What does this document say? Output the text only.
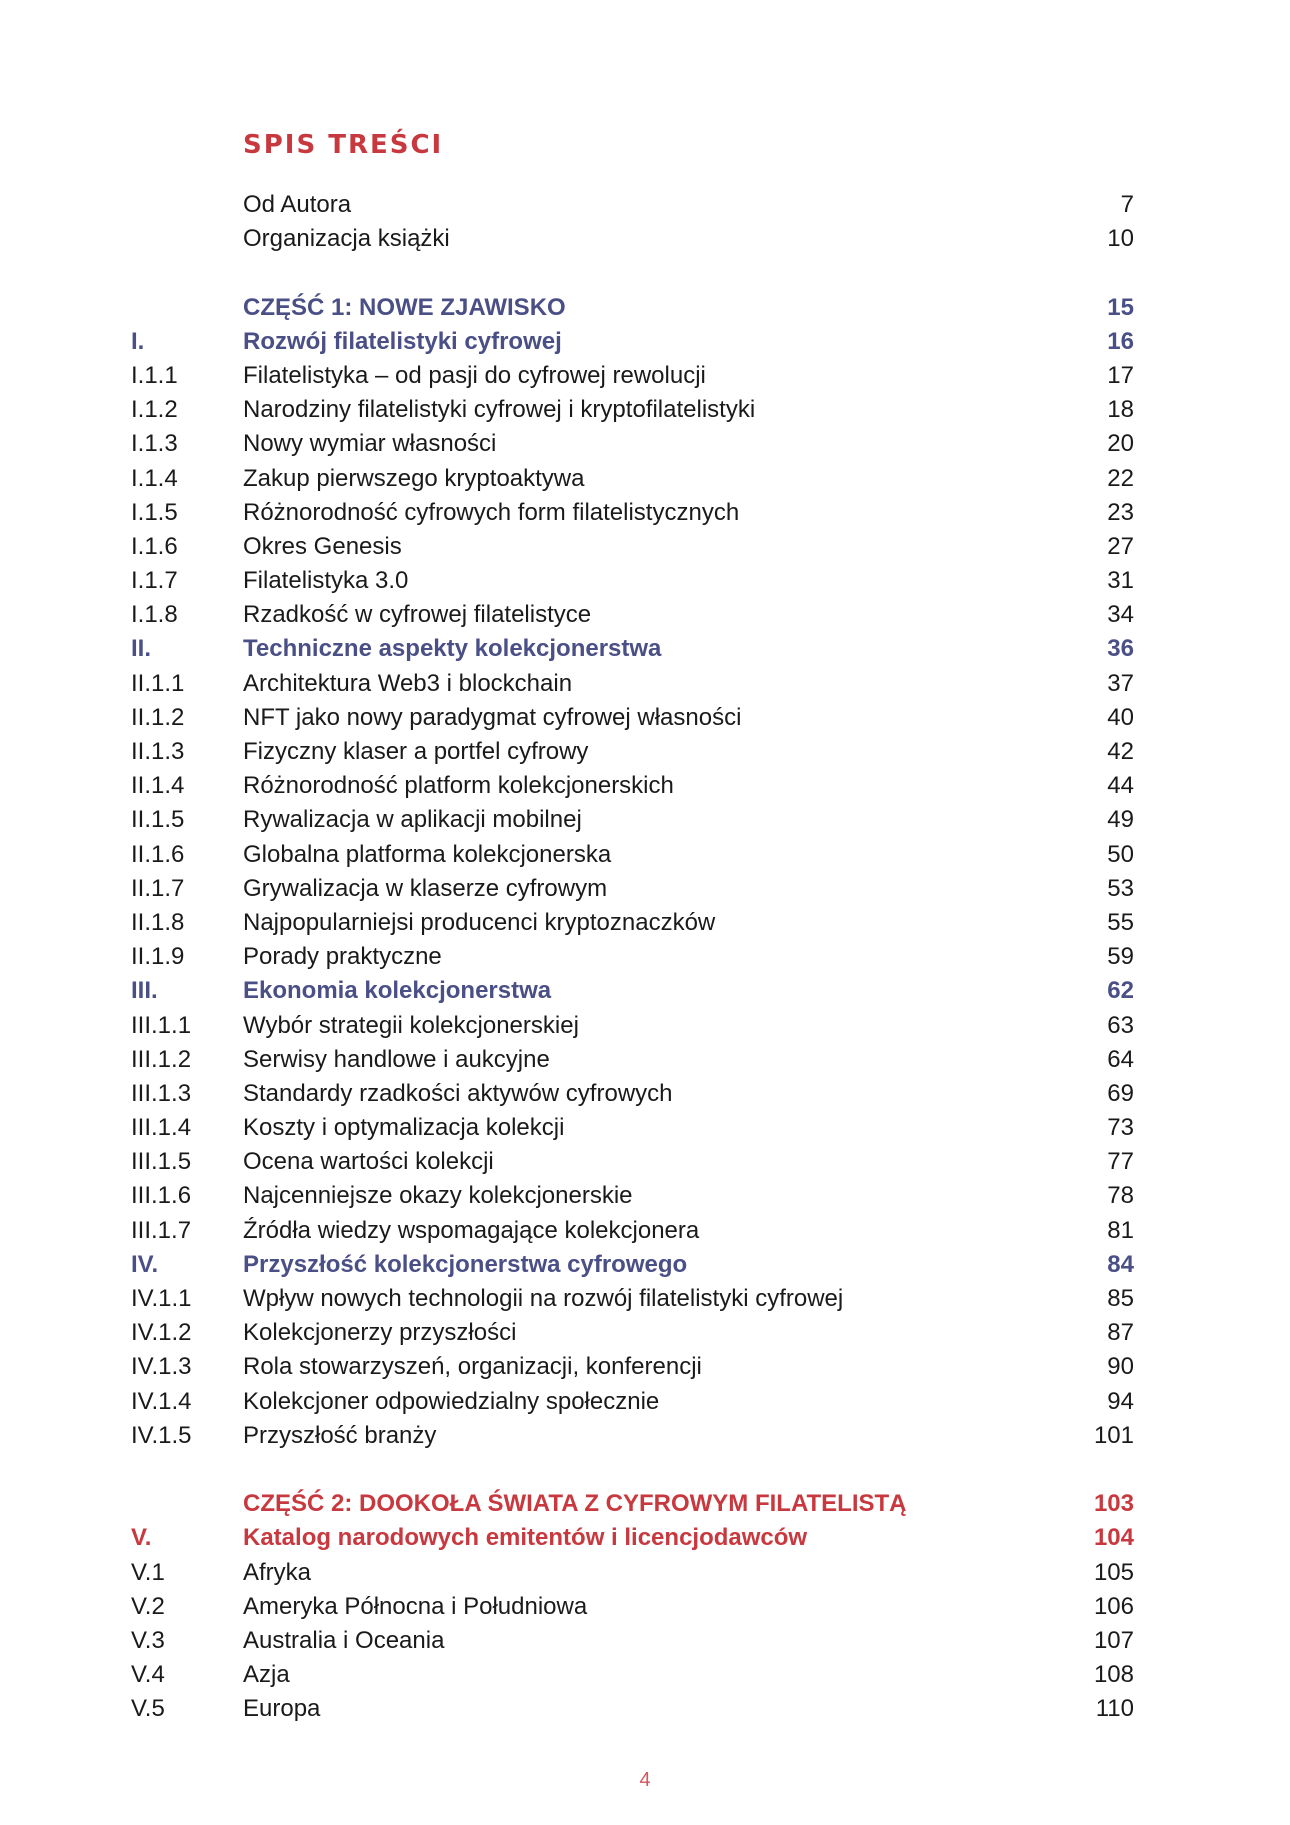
SPIS TREŚCI
Od Autora	7
Organizacja książki	10
CZĘŚĆ 1: NOWE ZJAWISKO	15
I.	Rozwój filatelistyki cyfrowej	16
I.1.1	Filatelistyka – od pasji do cyfrowej rewolucji	17
I.1.2	Narodziny filatelistyki cyfrowej i kryptofilatelistyki	18
I.1.3	Nowy wymiar własności	20
I.1.4	Zakup pierwszego kryptoaktywa	22
I.1.5	Różnorodność cyfrowych form filatelistycznych	23
I.1.6	Okres Genesis	27
I.1.7	Filatelistyka 3.0	31
I.1.8	Rzadkość w cyfrowej filatelistyce	34
II.	Techniczne aspekty kolekcjonerstwa	36
II.1.1	Architektura Web3 i blockchain	37
II.1.2	NFT jako nowy paradygmat cyfrowej własności	40
II.1.3	Fizyczny klaser a portfel cyfrowy	42
II.1.4	Różnorodność platform kolekcjonerskich	44
II.1.5	Rywalizacja w aplikacji mobilnej	49
II.1.6	Globalna platforma kolekcjonerska	50
II.1.7	Grywalizacja w klaserze cyfrowym	53
II.1.8	Najpopularniejsi producenci kryptoznaczków	55
II.1.9	Porady praktyczne	59
III.	Ekonomia kolekcjonerstwa	62
III.1.1	Wybór strategii kolekcjonerskiej	63
III.1.2	Serwisy handlowe i aukcyjne	64
III.1.3	Standardy rzadkości aktywów cyfrowych	69
III.1.4	Koszty i optymalizacja kolekcji	73
III.1.5	Ocena wartości kolekcji	77
III.1.6	Najcenniejsze okazy kolekcjonerskie	78
III.1.7	Źródła wiedzy wspomagające kolekcjonera	81
IV.	Przyszłość kolekcjonerstwa cyfrowego	84
IV.1.1	Wpływ nowych technologii na rozwój filatelistyki cyfrowej	85
IV.1.2	Kolekcjonerzy przyszłości	87
IV.1.3	Rola stowarzyszeń, organizacji, konferencji	90
IV.1.4	Kolekcjoner odpowiedzialny społecznie	94
IV.1.5	Przyszłość branży	101
CZĘŚĆ 2: DOOKOŁA ŚWIATA Z CYFROWYM FILATELISTĄ	103
V.	Katalog narodowych emitentów i licencjodawców	104
V.1	Afryka	105
V.2	Ameryka Północna i Południowa	106
V.3	Australia i Oceania	107
V.4	Azja	108
V.5	Europa	110
4
